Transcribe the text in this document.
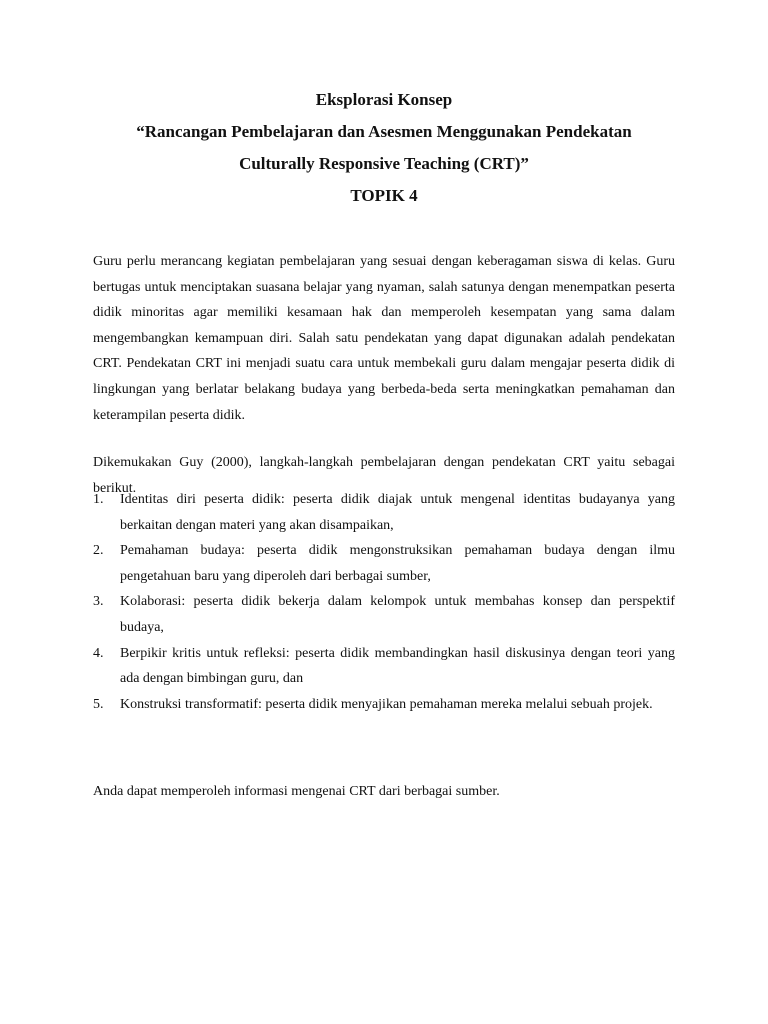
Eksplorasi Konsep
“Rancangan Pembelajaran dan Asesmen Menggunakan Pendekatan
Culturally Responsive Teaching (CRT)”
TOPIK 4

Guru perlu merancang kegiatan pembelajaran yang sesuai dengan keberagaman siswa di kelas. Guru bertugas untuk menciptakan suasana belajar yang nyaman, salah satunya dengan menempatkan peserta didik minoritas agar memiliki kesamaan hak dan memperoleh kesempatan yang sama dalam mengembangkan kemampuan diri. Salah satu pendekatan yang dapat digunakan adalah pendekatan CRT. Pendekatan CRT ini menjadi suatu cara untuk membekali guru dalam mengajar peserta didik di lingkungan yang berlatar belakang budaya yang berbeda-beda serta meningkatkan pemahaman dan keterampilan peserta didik.

Dikemukakan Guy (2000), langkah-langkah pembelajaran dengan pendekatan CRT yaitu sebagai berikut.

1. Identitas diri peserta didik: peserta didik diajak untuk mengenal identitas budayanya yang berkaitan dengan materi yang akan disampaikan,
2. Pemahaman budaya: peserta didik mengonstruksikan pemahaman budaya dengan ilmu pengetahuan baru yang diperoleh dari berbagai sumber,
3. Kolaborasi: peserta didik bekerja dalam kelompok untuk membahas konsep dan perspektif budaya,
4. Berpikir kritis untuk refleksi: peserta didik membandingkan hasil diskusinya dengan teori yang ada dengan bimbingan guru, dan
5. Konstruksi transformatif: peserta didik menyajikan pemahaman mereka melalui sebuah projek.

Anda dapat memperoleh informasi mengenai CRT dari berbagai sumber.
